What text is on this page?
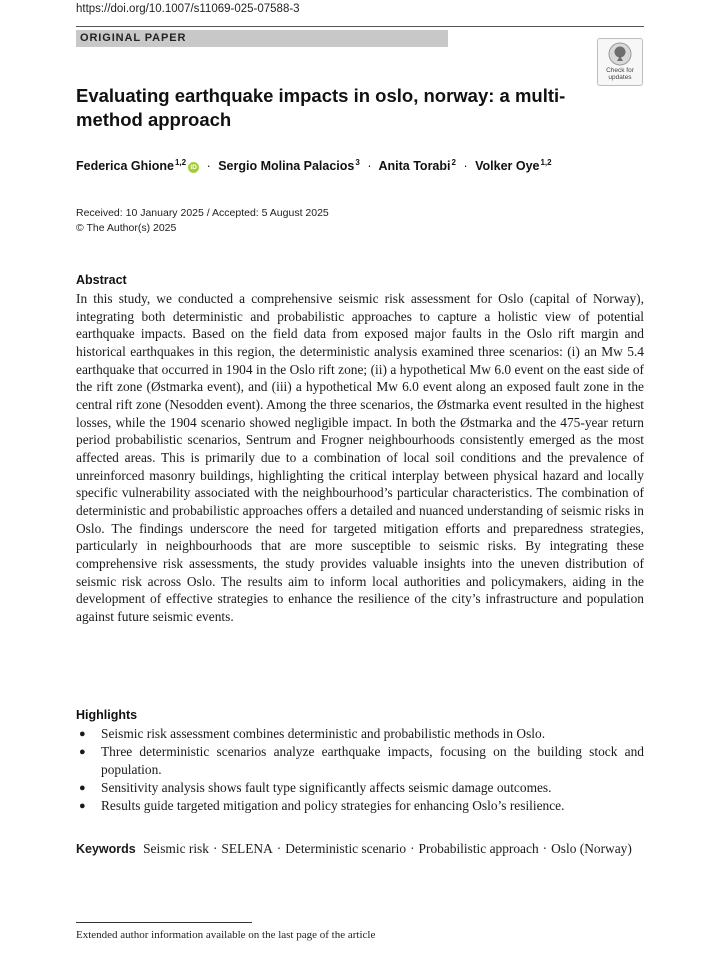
https://doi.org/10.1007/s11069-025-07588-3
ORIGINAL PAPER
Check for
updates
Evaluating earthquake impacts in oslo, norway: a multi-method approach
Federica Ghione$^{1,2}$iD · Sergio Molina Palacios$^3$ · Anita Torabi$^2$ · Volker Oye$^{1,2}$
Received: 10 January 2025 / Accepted: 5 August 2025
© The Author(s) 2025
Abstract

In this study, we conducted a comprehensive seismic risk assessment for Oslo (capital of Norway), integrating both deterministic and probabilistic approaches to capture a holistic view of potential earthquake impacts. Based on the field data from exposed major faults in the Oslo rift margin and historical earthquakes in this region, the deterministic analysis examined three scenarios: (i) an Mw 5.4 earthquake that occurred in 1904 in the Oslo rift zone; (ii) a hypothetical Mw 6.0 event on the east side of the rift zone (Østmarka event), and (iii) a hypothetical Mw 6.0 event along an exposed fault zone in the central rift zone (Nesodden event). Among the three scenarios, the Østmarka event resulted in the highest losses, while the 1904 scenario showed negligible impact. In both the Østmarka and the 475-year return period probabilistic scenarios, Sentrum and Frogner neighbourhoods consistently emerged as the most affected areas. This is primarily due to a combination of local soil conditions and the prevalence of unreinforced masonry buildings, highlighting the critical interplay between physical hazard and locally specific vulnerability associated with the neighbourhood’s particular characteristics. The combination of deterministic and probabilistic approaches offers a detailed and nuanced understanding of seismic risks in Oslo. The findings underscore the need for targeted mitigation efforts and preparedness strategies, particularly in neighbourhoods that are more susceptible to seismic risks. By integrating these comprehensive risk assessments, the study provides valuable insights into the uneven distribution of seismic risk across Oslo. The results aim to inform local authorities and policymakers, aiding in the development of effective strategies to enhance the resilience of the city’s infrastructure and population against future seismic events.

Highlights
● Seismic risk assessment combines deterministic and probabilistic methods in Oslo.
● Three deterministic scenarios analyze earthquake impacts, focusing on the building stock and population.
● Sensitivity analysis shows fault type significantly affects seismic damage outcomes.
● Results guide targeted mitigation and policy strategies for enhancing Oslo’s resilience.
Keywords Seismic risk · SELENA · Deterministic scenario · Probabilistic approach · Oslo (Norway)
Extended author information available on the last page of the article
